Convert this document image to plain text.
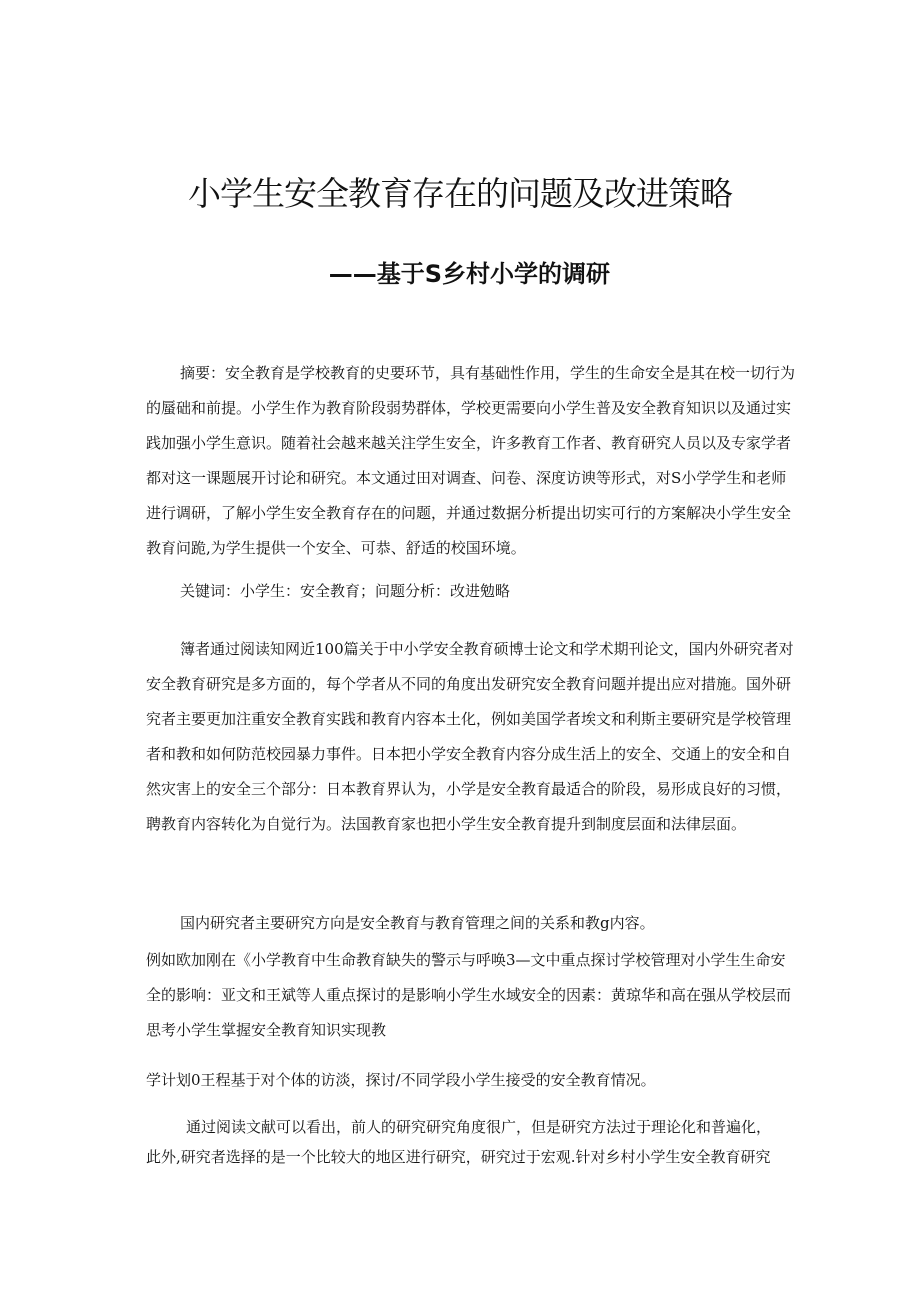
小学生安全教育存在的问题及改进策略
——基于S乡村小学的调研

摘要：安全教育是学校教育的史要环节，具有基础性作用，学生的生命安全是其在校一切行为的蜃础和前提。小学生作为教育阶段弱势群体，学校更需要向小学生普及安全教育知识以及通过实践加强小学生意识。随着社会越来越关注学生安全，许多教育工作者、教育研究人员以及专家学者都对这一课题展开讨论和研究。本文通过田对调查、问卷、深度访谀等形式，对S小学学生和老师进行调研，了解小学生安全教育存在的问题，并通过数据分析提出切实可行的方案解决小学生安全教育问跪,为学生提供一个安全、可恭、舒适的校国环境。

关键词：小学生：安全教育；问题分析：改进勉略

簿者通过阅读知网近100篇关于中小学安全教育硕博士论文和学术期刊论文，国内外研究者对安全教育研究是多方面的，每个学者从不同的角度出发研究安全教育问题并提出应对措施。国外研究者主要更加注重安全教育实践和教育内容本土化，例如美国学者埃文和利斯主要研究是学校管理者和教和如何防范校园暴力事件。日本把小学安全教育内容分成生活上的安全、交通上的安全和自然灾害上的安全三个部分：日本教育界认为，小学是安全教育最适合的阶段，易形成良好的习惯，聘教育内容转化为自觉行为。法国教育家也把小学生安全教育提升到制度层面和法律层面。

国内研究者主要研究方向是安全教育与教育管理之间的关系和教g内容。

例如欧加刚在《小学教育中生命教育缺失的警示与呼唤3—文中重点探讨学校管理对小学生生命安全的影响：亚文和王斌等人重点探讨的是影响小学生水域安全的因素：黄琼华和高在强从学校层而思考小学生掌握安全教育知识实现教

学计划0王程基于对个体的访淡，探讨/不同学段小学生接受的安全教育情况。

通过阅读文献可以看出，前人的研究研究角度很广，但是研究方法过于理论化和普遍化，
此外,研究者选择的是一个比较大的地区进行研究，研究过于宏观.针对乡村小学生安全教育研究
